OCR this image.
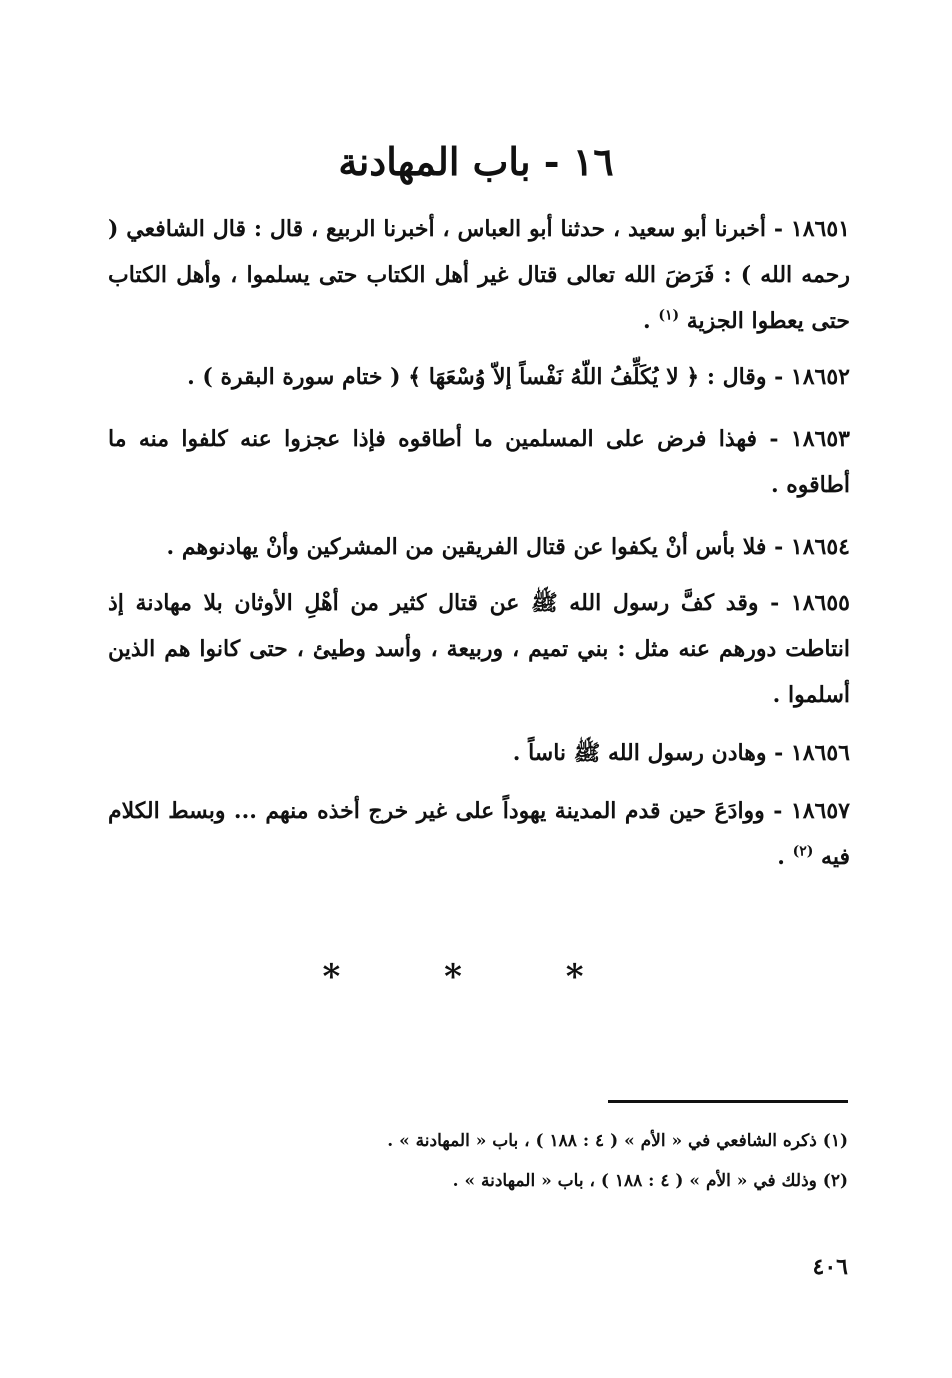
١٦ - باب المهادنة

١٨٦٥١ - أخبرنا أبو سعيد ، حدثنا أبو العباس ، أخبرنا الربيع ، قال : قال الشافعي ( رحمه الله ) : فَرَضَ الله تعالى قتال غير أهل الكتاب حتى يسلموا ، وأهل الكتاب حتى يعطوا الجزية $^{(١)}$ .

١٨٦٥٢ - وقال : ﴿ لا يُكَلِّفُ اللّهُ نَفْساً إلاّ وُسْعَهَا ﴾ ( ختام سورة البقرة ) .

١٨٦٥٣ - فهذا فرض على المسلمين ما أطاقوه فإذا عجزوا عنه كلفوا منه ما أطاقوه .

١٨٦٥٤ - فلا بأس أنْ يكفوا عن قتال الفريقين من المشركين وأنْ يهادنوهم .

١٨٦٥٥ - وقد كفَّ رسول الله ﷺ عن قتال كثير من أهْلِ الأوثان بلا مهادنة إذ انتاطت دورهم عنه مثل : بني تميم ، وربيعة ، وأسد وطيئ ، حتى كانوا هم الذين أسلموا .

١٨٦٥٦ - وهادن رسول الله ﷺ ناساً .

١٨٦٥٧ - ووادَعَ حين قدم المدينة يهوداً على غير خرج أخذه منهم ... وبسط الكلام فيه $^{(٢)}$ .

* * *
(١) ذكره الشافعي في « الأم » ( ٤ : ١٨٨ ) ، باب « المهادنة » .
(٢) وذلك في « الأم » ( ٤ : ١٨٨ ) ، باب « المهادنة » .
٤٠٦
